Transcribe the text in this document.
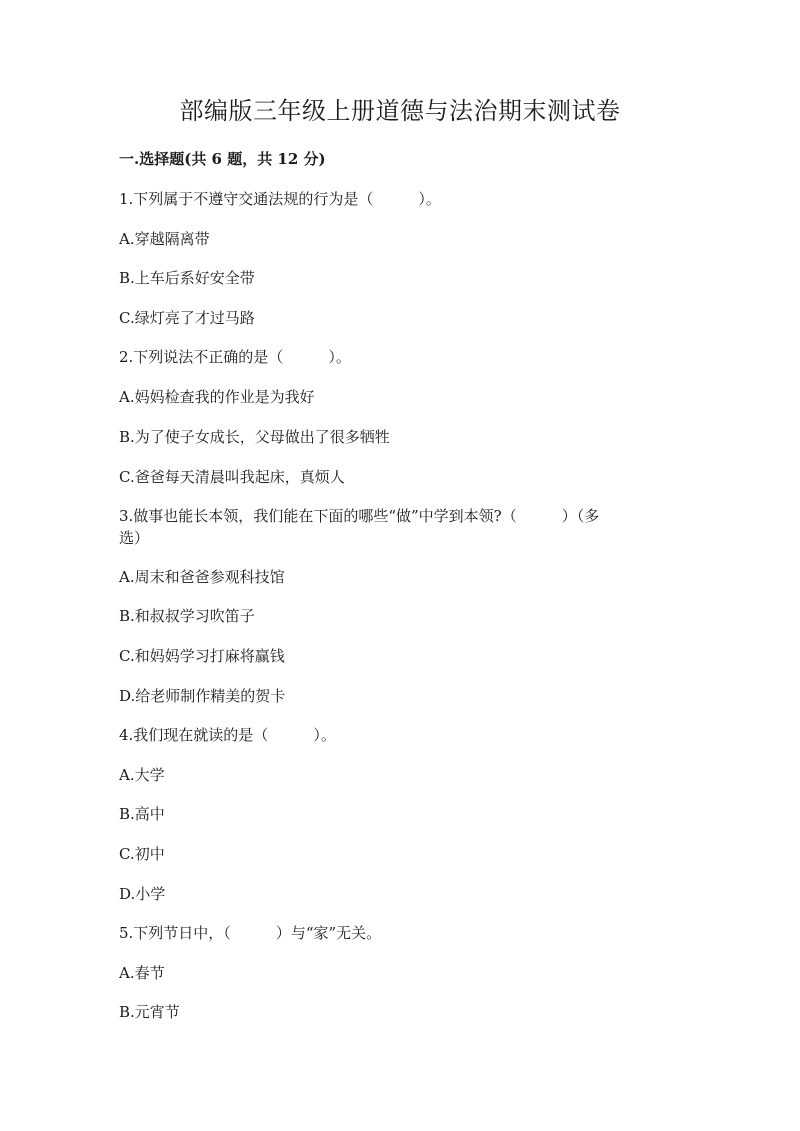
部编版三年级上册道德与法治期末测试卷
一.选择题(共 6 题，共 12 分)
1.下列属于不遵守交通法规的行为是（　　　）。
A.穿越隔离带
B.上车后系好安全带
C.绿灯亮了才过马路
2.下列说法不正确的是（　　　）。
A.妈妈检查我的作业是为我好
B.为了使子女成长，父母做出了很多牺牲
C.爸爸每天清晨叫我起床，真烦人
3.做事也能长本领，我们能在下面的哪些“做”中学到本领?（　　　）（多
选）
A.周末和爸爸参观科技馆
B.和叔叔学习吹笛子
C.和妈妈学习打麻将赢钱
D.给老师制作精美的贺卡
4.我们现在就读的是（　　　）。
A.大学
B.高中
C.初中
D.小学
5.下列节日中，（　　　）与“家”无关。
A.春节
B.元宵节
